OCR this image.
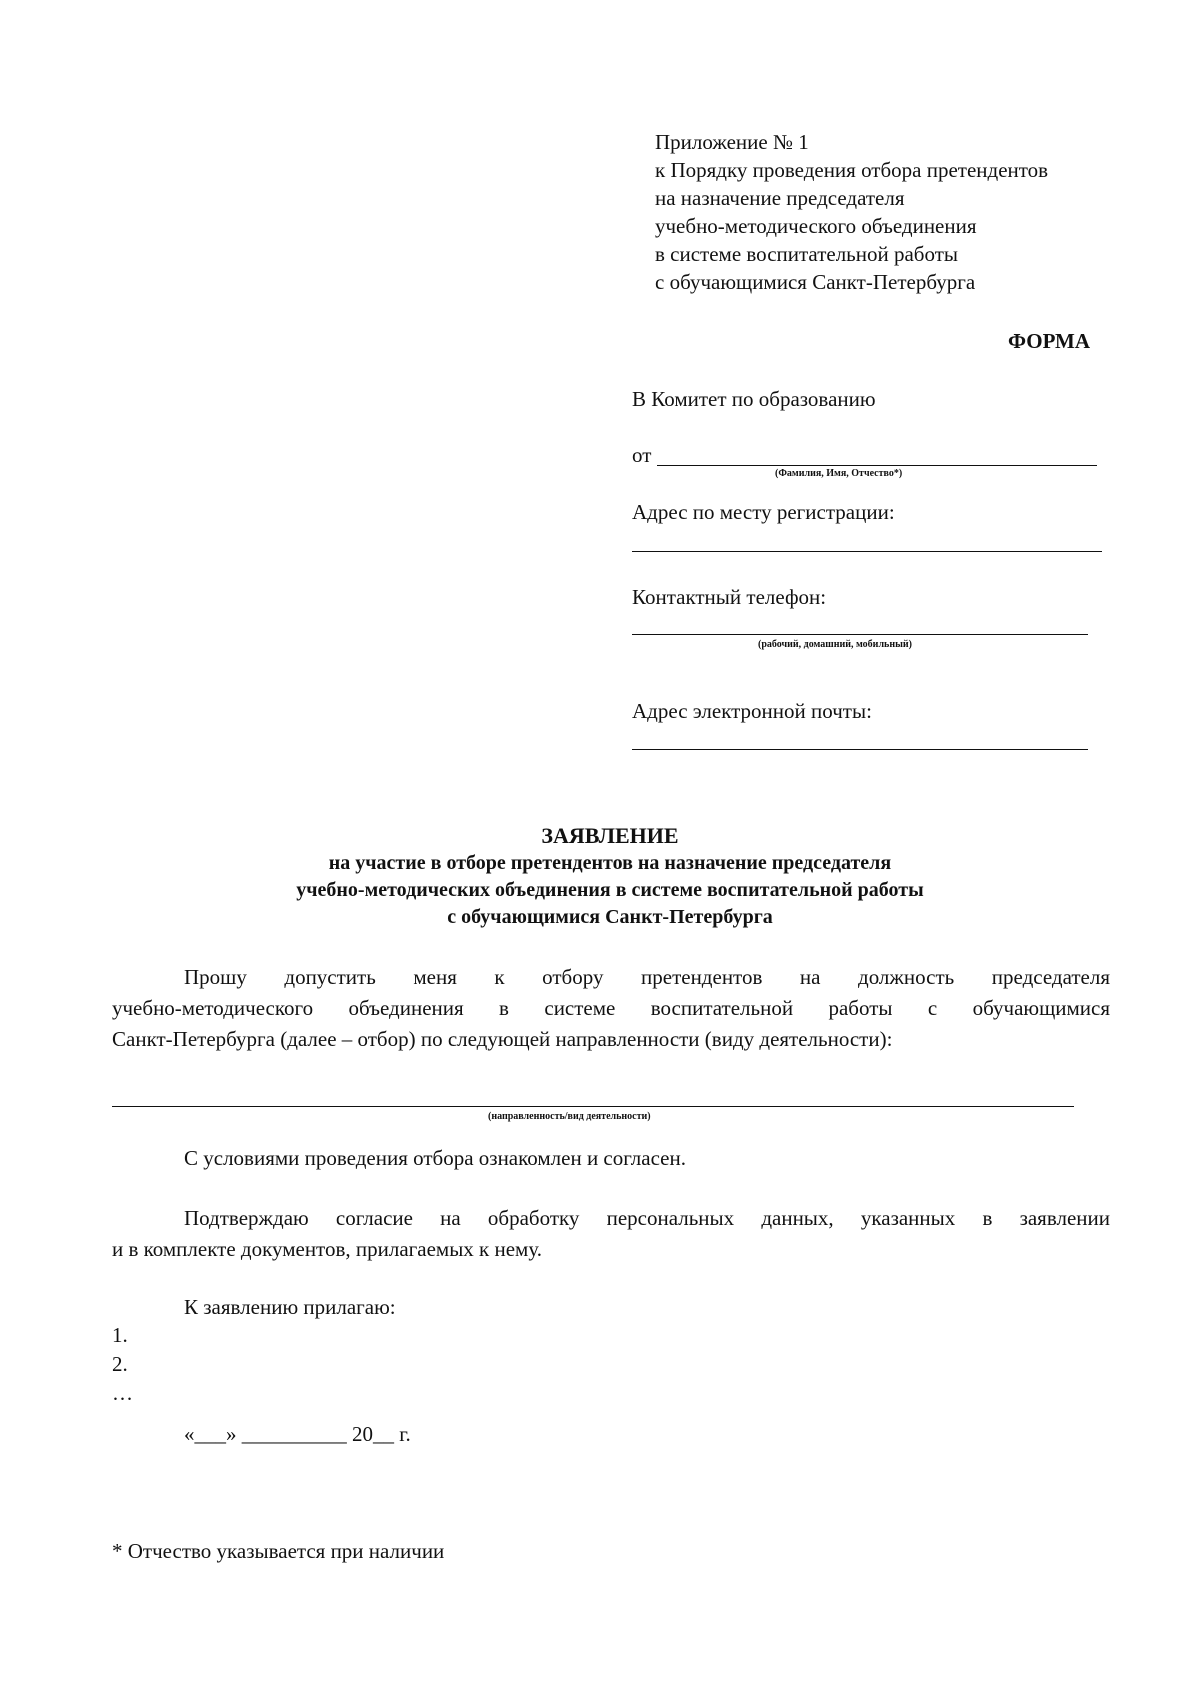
Приложение № 1
к Порядку проведения отбора претендентов
на назначение председателя
учебно-методического объединения
в системе воспитательной работы
с обучающимися Санкт-Петербурга
ФОРМА
В Комитет по образованию
от
(Фамилия, Имя, Отчество*)
Адрес по месту регистрации:
Контактный телефон:
(рабочий, домашний, мобильный)
Адрес электронной почты:
ЗАЯВЛЕНИЕ
на участие в отборе претендентов на назначение председателя
учебно-методических объединения в системе воспитательной работы
с обучающимися Санкт-Петербурга
Прошу допустить меня к отбору претендентов на должность председателя
учебно-методического объединения в системе воспитательной работы с обучающимися
Санкт-Петербурга (далее – отбор) по следующей направленности (виду деятельности):
(направленность/вид деятельности)
С условиями проведения отбора ознакомлен и согласен.
Подтверждаю согласие на обработку персональных данных, указанных в заявлении
и в комплекте документов, прилагаемых к нему.
К заявлению прилагаю:
1.
2.
…
«___» __________ 20__ г.
* Отчество указывается при наличии
